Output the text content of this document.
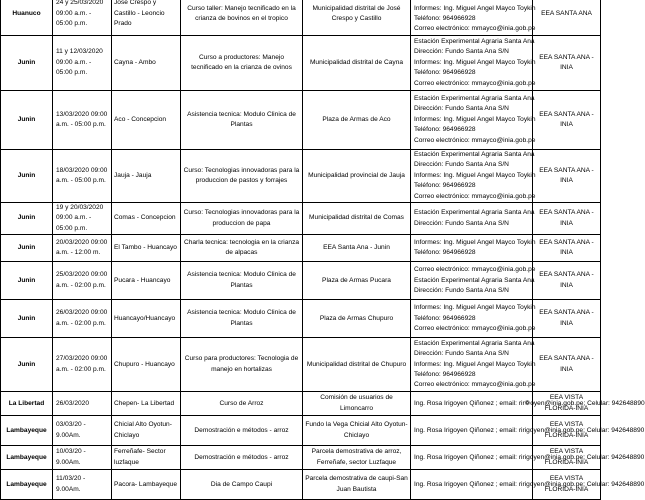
Huanuco	24 y 25/03/2020 09:00 a.m. - 05:00 p.m.	Jose Crespo y Castillo - Leoncio Prado	Curso taller: Manejo tecnificado en la crianza de bovinos en el tropico	Municipalidad distrital de José Crespo y Castillo	Informes: Ing. Miguel Angel Mayco Toykin
Teléfono: 964966928
Correo electrónico: mmayco@inia.gob.pe	EEA SANTA ANA

Junin	11 y 12/03/2020 09:00 a.m. - 05:00 p.m.	Cayna - Ambo	Curso a productores: Manejo tecnificado en la crianza de ovinos	Municipalidad distrital de Cayna	Estación Experimental Agraria Santa Ana
Dirección: Fundo Santa Ana S/N
Informes: Ing. Miguel Angel Mayco Toykin
Teléfono: 964966928
Correo electrónico: mmayco@inia.gob.pe	EEA SANTA ANA - INIA

Junin	13/03/2020 09:00 a.m. - 05:00 p.m.	Aco - Concepcion	Asistencia tecnica: Modulo Clinica de Plantas	Plaza de Armas de Aco	Estación Experimental Agraria Santa Ana
Dirección: Fundo Santa Ana S/N
Informes: Ing. Miguel Angel Mayco Toykin
Teléfono: 964966928
Correo electrónico: mmayco@inia.gob.pe	EEA SANTA ANA - INIA

Junin	18/03/2020 09:00 a.m. - 05:00 p.m.	Jauja - Jauja	Curso: Tecnologias innovadoras para la produccion de pastos y forrajes	Municipalidad provincial de Jauja	Estación Experimental Agraria Santa Ana
Dirección: Fundo Santa Ana S/N
Informes: Ing. Miguel Angel Mayco Toykin
Teléfono: 964966928
Correo electrónico: mmayco@inia.gob.pe	EEA SANTA ANA - INIA

Junin	19 y 20/03/2020 09:00 a.m. - 05:00 p.m.	Comas - Concepcion	Curso: Tecnologias innovadoras para la produccion de papa	Municipalidad distrital de Comas	Estación Experimental Agraria Santa Ana
Dirección: Fundo Santa Ana S/N	EEA SANTA ANA - INIA

Junin	20/03/2020 09:00 a.m. - 12:00 m.	El Tambo - Huancayo	Charla tecnica: tecnologia en la crianza de alpacas	EEA Santa Ana - Junin	Informes: Ing. Miguel Angel Mayco Toykin
Teléfono: 964966928	EEA SANTA ANA - INIA

Junin	25/03/2020 09:00 a.m. - 02:00 p.m.	Pucara - Huancayo	Asistencia tecnica: Modulo Clinica de Plantas	Plaza de Armas Pucara	Correo electrónico: mmayco@inia.gob.pe
Estación Experimental Agraria Santa Ana
Dirección: Fundo Santa Ana S/N	EEA SANTA ANA - INIA

Junin	26/03/2020 09:00 a.m. - 02:00 p.m.	Huancayo/Huancayo	Asistencia tecnica: Modulo Clinica de Plantas	Plaza de Armas Chupuro	Informes: Ing. Miguel Angel Mayco Toykin
Teléfono: 964966928
Correo electrónico: mmayco@inia.gob.pe	EEA SANTA ANA - INIA

Junin	27/03/2020 09:00 a.m. - 02:00 p.m.	Chupuro - Huancayo	Curso para productores: Tecnologia de manejo en hortalizas	Municipalidad distrital de Chupuro	Estación Experimental Agraria Santa Ana
Dirección: Fundo Santa Ana S/N
Informes: Ing. Miguel Angel Mayco Toykin
Teléfono: 964966928
Correo electrónico: mmayco@inia.gob.pe	EEA SANTA ANA - INIA

La Libertad	26/03/2020	Chepen- La Libertad	Curso de Arroz	Comisión de usuarios de Limoncarro	Ing. Rosa Irigoyen Qiñonez ; email: rir❁oyen@inia.gob.pe; Celular: 942648890	EEA VISTA FLORIDA-INIA

Lambayeque	03/03/20 - 9.00Am.	Chicial Alto Oyotun-Chiclayo	Demostración e métodos - arroz	Fundo la Vega Chicial Alto Oyotun-Chiclayo	Ing. Rosa Irigoyen Qiñonez ; email: ririgoyen@inia.gob.pe; Celular: 942648890	EEA VISTA FLORIDA-INIA

Lambayeque	10/03/20 - 9.00Am.	Ferreñafe- Sector luzfaque	Demostración e métodos - arroz	Parcela demostrativa de arroz, Ferreñafe, sector Luzfaque	Ing. Rosa Irigoyen Qiñonez ; email: ririgoyen@inia.gob.pe; Celular: 942648890	EEA VISTA FLORIDA-INIA

Lambayeque	11/03/20 - 9.00Am.	Pacora- Lambayeque	Dia de Campo Caupi	Parcela demostrativa de caupi-San Juan Bautista	Ing. Rosa Irigoyen Qiñonez ; email: ririgoyen@inia.gob.pe; Celular: 942648890	EEA VISTA FLORIDA-INIA
